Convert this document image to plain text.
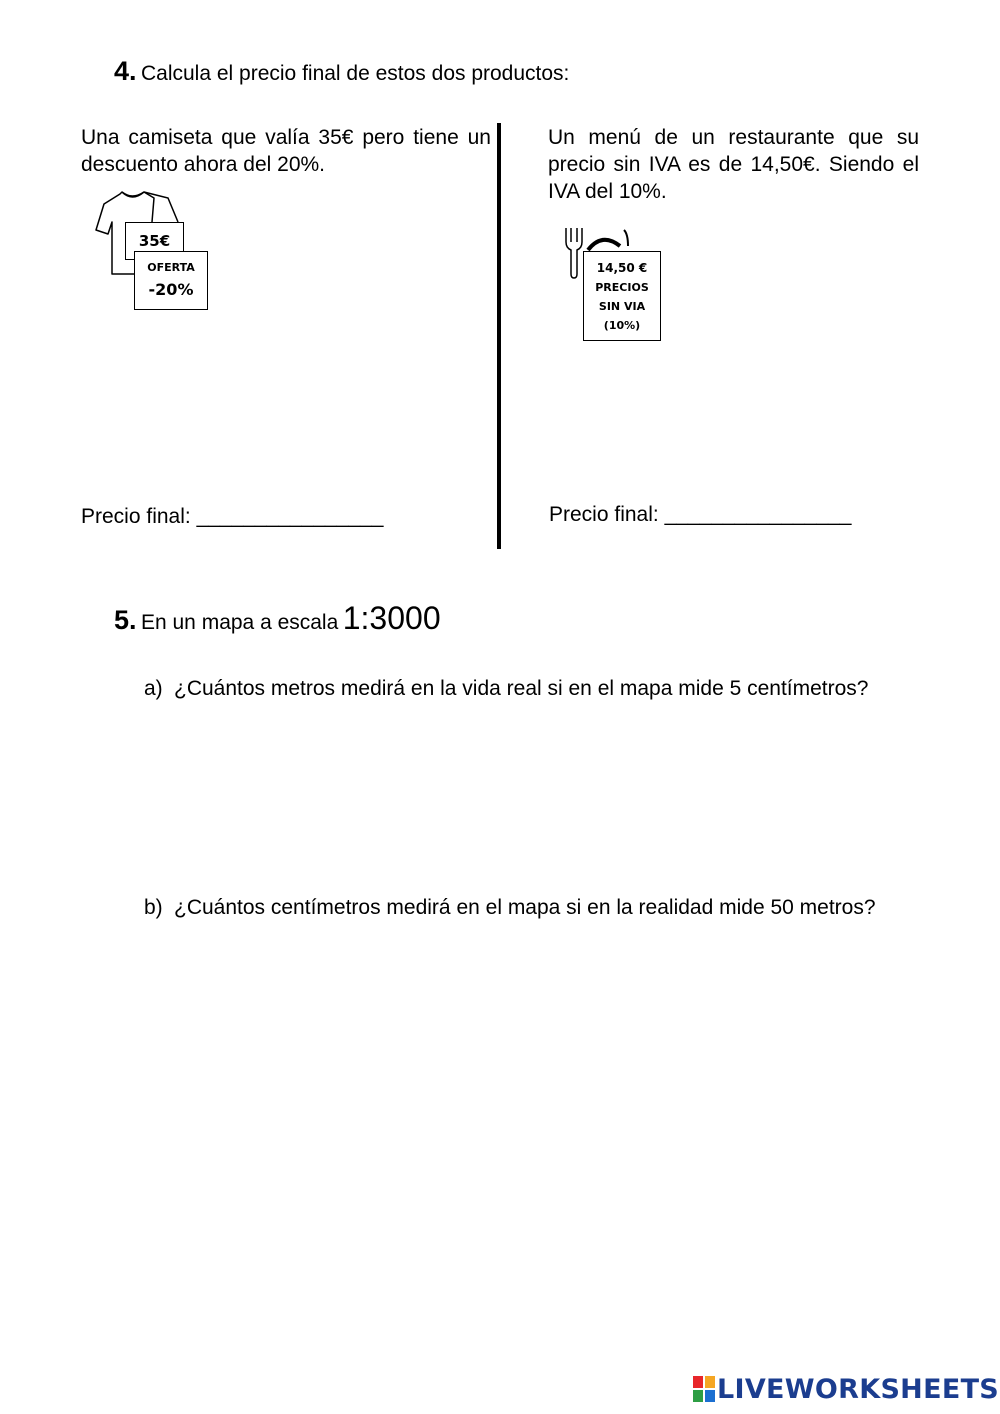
4. Calcula el precio final de estos dos productos:
Una camiseta que valía 35€ pero tiene un descuento ahora del 20%.
35€
OFERTA
-20%
Precio final: ________________
Un menú de un restaurante que su precio sin IVA es de 14,50€. Siendo el IVA del 10%.
14,50 €
PRECIOS
SIN VIA
(10%)
Precio final: ________________
5. En un mapa a escala 1:3000
a) ¿Cuántos metros medirá en la vida real si en el mapa mide 5 centímetros?
b) ¿Cuántos centímetros medirá en el mapa si en la realidad mide 50 metros?
LIVEWORKSHEETS
